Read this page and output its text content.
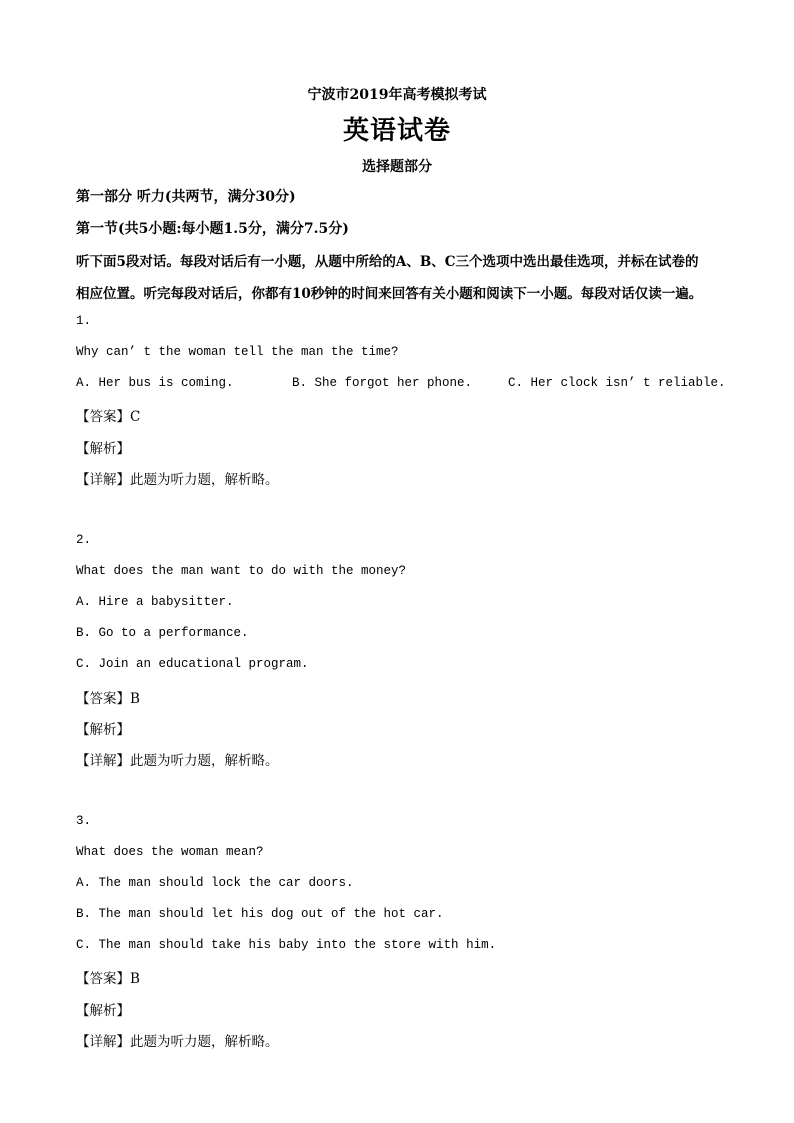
宁波市2019年高考模拟考试
英语试卷
选择题部分
第一部分 听力(共两节，满分30分)
第一节(共5小题:每小题1.5分，满分7.5分)
听下面5段对话。每段对话后有一小题，从题中所给的A、B、C三个选项中选出最佳选项，并标在试卷的
相应位置。听完每段对话后，你都有10秒钟的时间来回答有关小题和阅读下一小题。每段对话仅读一遍。
1.
Why can’ t the woman tell the man the time?
A. Her bus is coming.	B. She forgot her phone.	C. Her clock isn’ t reliable.
【答案】C
【解析】
【详解】此题为听力题，解析略。
2.
What does the man want to do with the money?
A. Hire a babysitter.
B. Go to a performance.
C. Join an educational program.
【答案】B
【解析】
【详解】此题为听力题，解析略。
3.
What does the woman mean?
A. The man should lock the car doors.
B. The man should let his dog out of the hot car.
C. The man should take his baby into the store with him.
【答案】B
【解析】
【详解】此题为听力题，解析略。
